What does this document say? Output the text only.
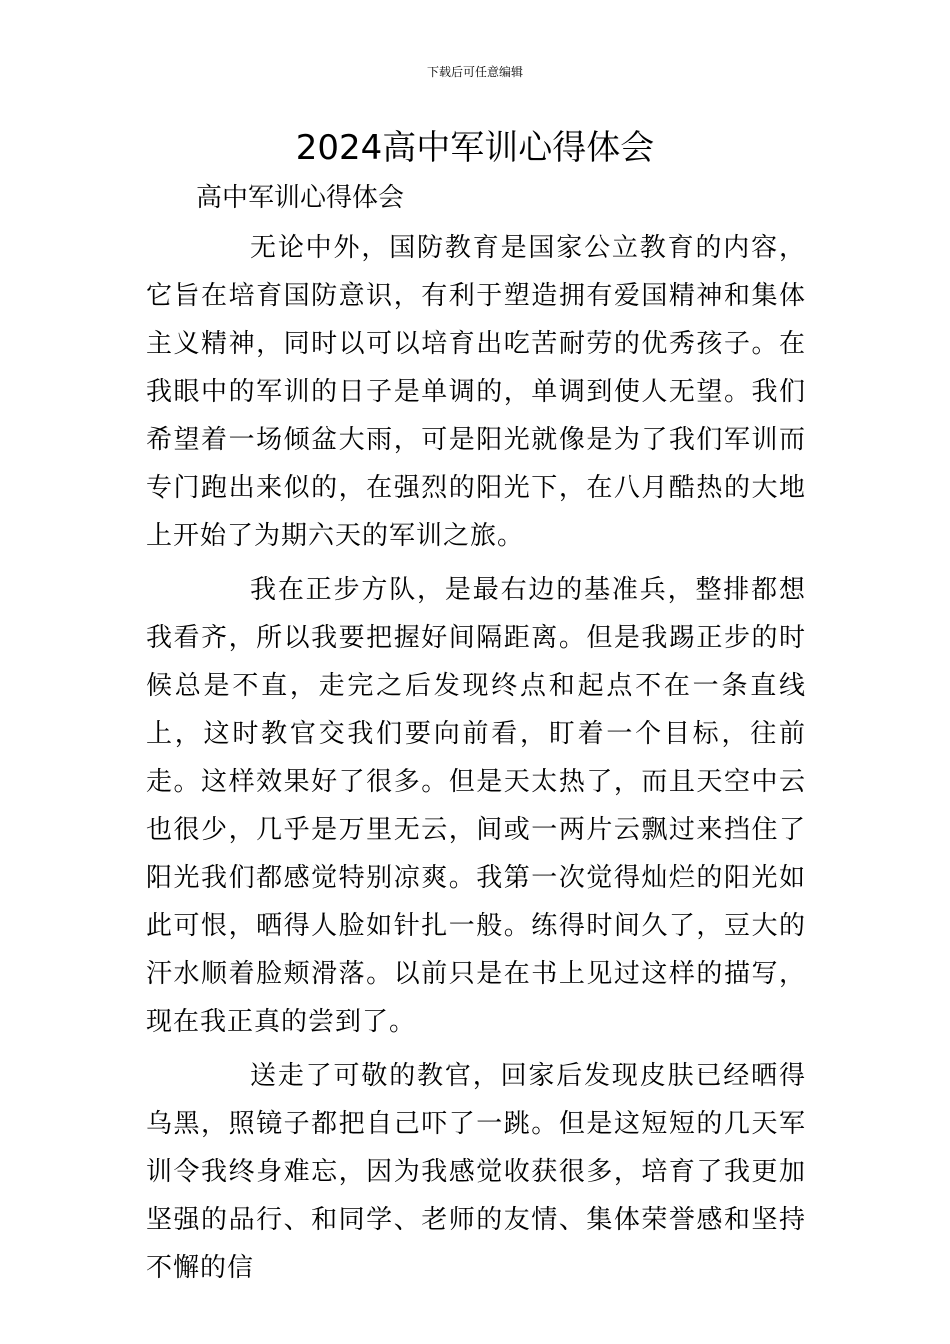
下载后可任意编辑
2024高中军训心得体会

高中军训心得体会

无论中外，国防教育是国家公立教育的内容，它旨在培育国防意识，有利于塑造拥有爱国精神和集体主义精神，同时以可以培育出吃苦耐劳的优秀孩子。在我眼中的军训的日子是单调的，单调到使人无望。我们希望着一场倾盆大雨，可是阳光就像是为了我们军训而专门跑出来似的，在强烈的阳光下，在八月酷热的大地上开始了为期六天的军训之旅。

我在正步方队，是最右边的基准兵，整排都想我看齐，所以我要把握好间隔距离。但是我踢正步的时候总是不直，走完之后发现终点和起点不在一条直线上，这时教官交我们要向前看，盯着一个目标，往前走。这样效果好了很多。但是天太热了，而且天空中云也很少，几乎是万里无云，间或一两片云飘过来挡住了阳光我们都感觉特别凉爽。我第一次觉得灿烂的阳光如此可恨，晒得人脸如针扎一般。练得时间久了，豆大的汗水顺着脸颊滑落。以前只是在书上见过这样的描写，现在我正真的尝到了。

送走了可敬的教官，回家后发现皮肤已经晒得乌黑，照镜子都把自己吓了一跳。但是这短短的几天军训令我终身难忘，因为我感觉收获很多，培育了我更加坚强的品行、和同学、老师的友情、集体荣誉感和坚持不懈的信
